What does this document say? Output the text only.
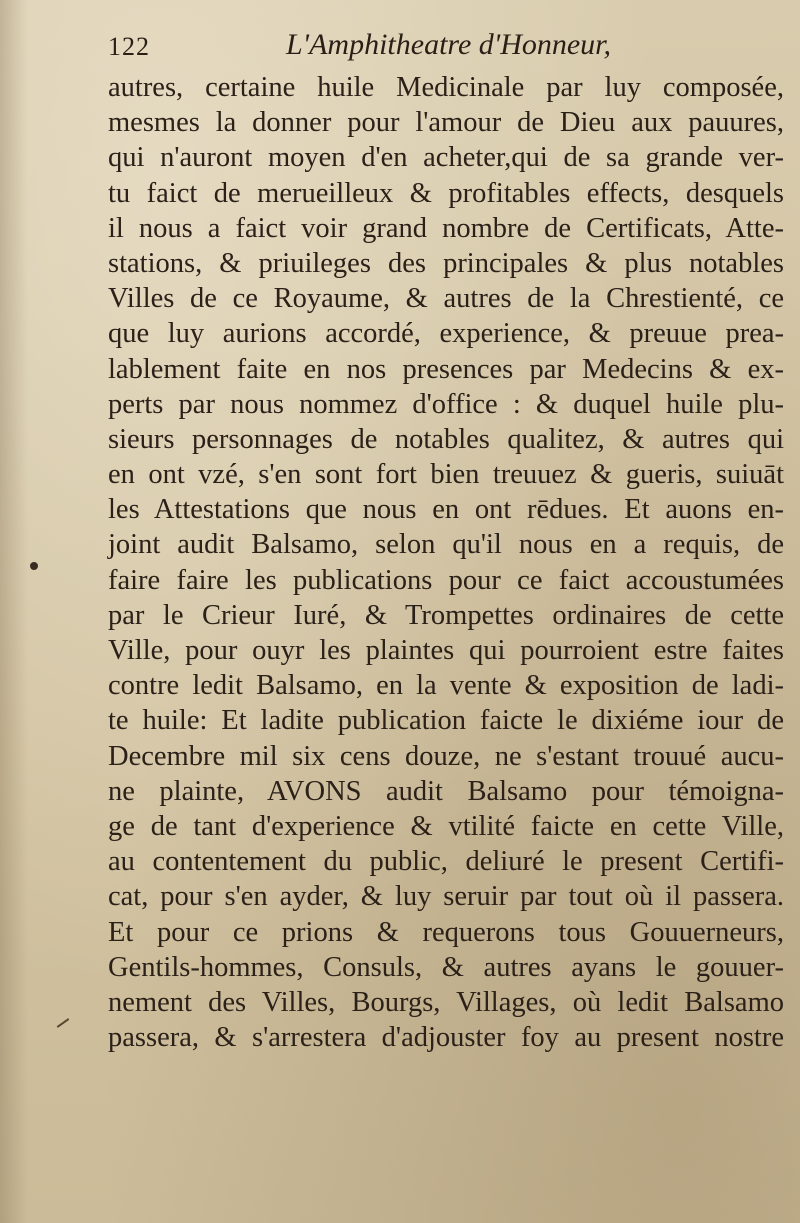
122	L'Amphitheatre d'Honneur,
autres, certaine huile Medicinale par luy composée,
mesmes la donner pour l'amour de Dieu aux pauures,
qui n'auront moyen d'en acheter,qui de sa grande ver-
tu faict de merueilleux & profitables effects, desquels
il nous a faict voir grand nombre de Certificats, Atte-
stations, & priuileges des principales & plus notables
Villes de ce Royaume, & autres de la Chrestienté, ce
que luy aurions accordé, experience, & preuue prea-
lablement faite en nos presences par Medecins & ex-
perts par nous nommez d'office : & duquel huile plu-
sieurs personnages de notables qualitez, & autres qui
en ont vzé, s'en sont fort bien treuuez & gueris, suiuāt
les Attestations que nous en ont rēdues. Et auons en-
joint audit Balsamo, selon qu'il nous en a requis, de
faire faire les publications pour ce faict accoustumées
par le Crieur Iuré, & Trompettes ordinaires de cette
Ville, pour ouyr les plaintes qui pourroient estre faites
contre ledit Balsamo, en la vente & exposition de ladi-
te huile: Et ladite publication faicte le dixiéme iour de
Decembre mil six cens douze, ne s'estant trouué aucu-
ne plainte, AVONS audit Balsamo pour témoigna-
ge de tant d'experience & vtilité faicte en cette Ville,
au contentement du public, deliuré le present Certifi-
cat, pour s'en ayder, & luy seruir par tout où il passera.
Et pour ce prions & requerons tous Gouuerneurs,
Gentils-hommes, Consuls, & autres ayans le gouuer-
nement des Villes, Bourgs, Villages, où ledit Balsamo
passera, & s'arrestera d'adjouster foy au present nostre
